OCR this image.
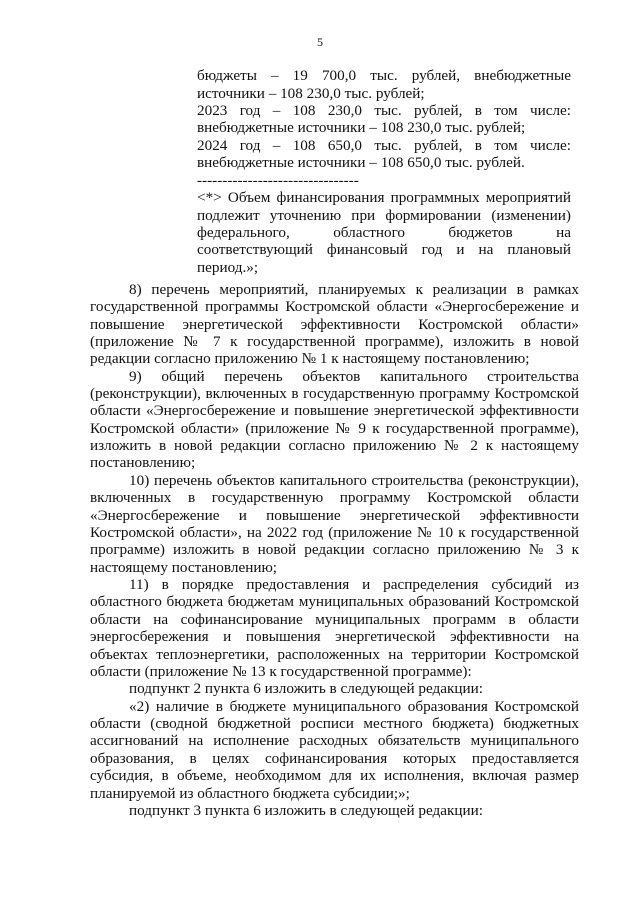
5
бюджеты – 19 700,0 тыс. рублей, внебюджетные
источники – 108 230,0 тыс. рублей;
2023 год – 108 230,0 тыс. рублей, в том числе:
внебюджетные источники – 108 230,0 тыс. рублей;
2024 год – 108 650,0 тыс. рублей, в том числе:
внебюджетные источники – 108 650,0 тыс. рублей.
--------------------------------
<*> Объем финансирования программных мероприятий
подлежит уточнению при формировании (изменении)
федерального, областного бюджетов на
соответствующий финансовый год и на плановый
период.»;
8) перечень мероприятий, планируемых к реализации в рамках
государственной программы Костромской области «Энергосбережение и
повышение энергетической эффективности Костромской области»
(приложение № 7 к государственной программе), изложить в новой
редакции согласно приложению № 1 к настоящему постановлению;
9) общий перечень объектов капитального строительства
(реконструкции), включенных в государственную программу Костромской
области «Энергосбережение и повышение энергетической эффективности
Костромской области» (приложение № 9 к государственной программе),
изложить в новой редакции согласно приложению № 2 к настоящему
постановлению;
10) перечень объектов капитального строительства (реконструкции),
включенных в государственную программу Костромской области
«Энергосбережение и повышение энергетической эффективности
Костромской области», на 2022 год (приложение № 10 к государственной
программе) изложить в новой редакции согласно приложению № 3 к
настоящему постановлению;
11) в порядке предоставления и распределения субсидий из
областного бюджета бюджетам муниципальных образований Костромской
области на софинансирование муниципальных программ в области
энергосбережения и повышения энергетической эффективности на
объектах теплоэнергетики, расположенных на территории Костромской
области (приложение № 13 к государственной программе):
подпункт 2 пункта 6 изложить в следующей редакции:
«2) наличие в бюджете муниципального образования Костромской
области (сводной бюджетной росписи местного бюджета) бюджетных
ассигнований на исполнение расходных обязательств муниципального
образования, в целях софинансирования которых предоставляется
субсидия, в объеме, необходимом для их исполнения, включая размер
планируемой из областного бюджета субсидии;»;
подпункт 3 пункта 6 изложить в следующей редакции:
